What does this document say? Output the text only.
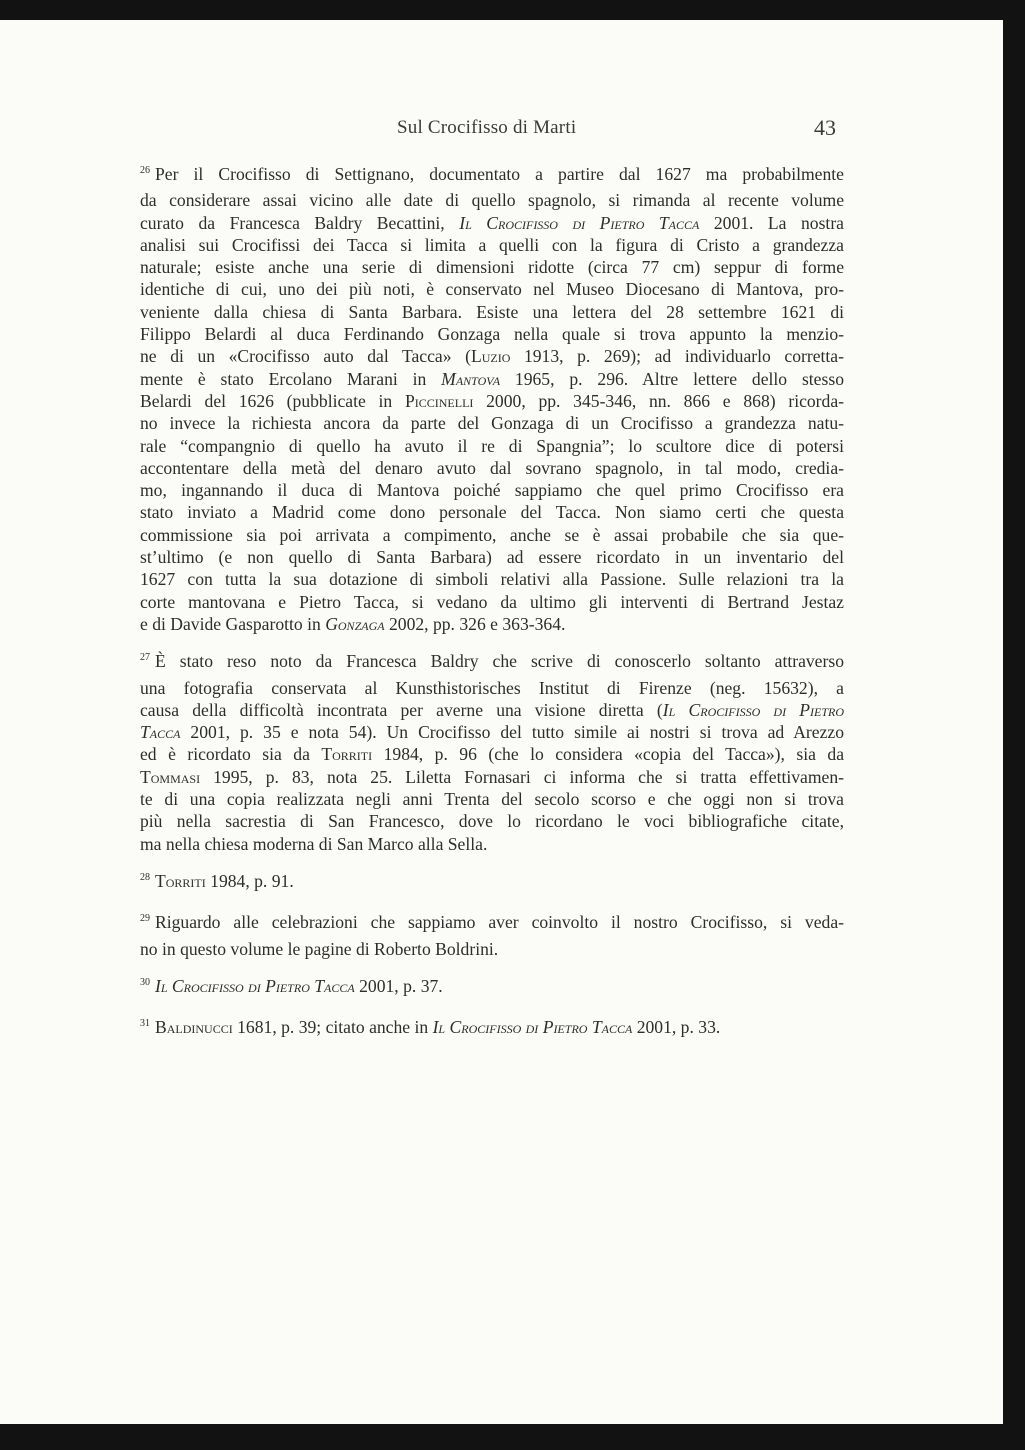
Sul Crocifisso di Marti	43
$^{26}$ Per il Crocifisso di Settignano, documentato a partire dal 1627 ma probabilmente
da considerare assai vicino alle date di quello spagnolo, si rimanda al recente volume
curato da Francesca Baldry Becattini, Il Crocifisso di Pietro Tacca 2001. La nostra
analisi sui Crocifissi dei Tacca si limita a quelli con la figura di Cristo a grandezza
naturale; esiste anche una serie di dimensioni ridotte (circa 77 cm) seppur di forme
identiche di cui, uno dei più noti, è conservato nel Museo Diocesano di Mantova, pro-
veniente dalla chiesa di Santa Barbara. Esiste una lettera del 28 settembre 1621 di
Filippo Belardi al duca Ferdinando Gonzaga nella quale si trova appunto la menzio-
ne di un «Crocifisso auto dal Tacca» (Luzio 1913, p. 269); ad individuarlo corretta-
mente è stato Ercolano Marani in Mantova 1965, p. 296. Altre lettere dello stesso
Belardi del 1626 (pubblicate in Piccinelli 2000, pp. 345-346, nn. 866 e 868) ricorda-
no invece la richiesta ancora da parte del Gonzaga di un Crocifisso a grandezza natu-
rale “compangnio di quello ha avuto il re di Spangnia”; lo scultore dice di potersi
accontentare della metà del denaro avuto dal sovrano spagnolo, in tal modo, crediа-
mo, ingannando il duca di Mantova poiché sappiamo che quel primo Crocifisso era
stato inviato a Madrid come dono personale del Tacca. Non siamo certi che questa
commissione sia poi arrivata a compimento, anche se è assai probabile che sia que-
st’ultimo (e non quello di Santa Barbara) ad essere ricordato in un inventario del
1627 con tutta la sua dotazione di simboli relativi alla Passione. Sulle relazioni tra la
corte mantovana e Pietro Tacca, si vedano da ultimo gli interventi di Bertrand Jestaz
e di Davide Gasparotto in Gonzaga 2002, pp. 326 e 363-364.
$^{27}$ È stato reso noto da Francesca Baldry che scrive di conoscerlo soltanto attraverso
una fotografia conservata al Kunsthistorisches Institut di Firenze (neg. 15632), a
causa della difficoltà incontrata per averne una visione diretta (Il Crocifisso di Pietro
Tacca 2001, p. 35 e nota 54). Un Crocifisso del tutto simile ai nostri si trova ad Arezzo
ed è ricordato sia da Torriti 1984, p. 96 (che lo considera «copia del Tacca»), sia da
Tommasi 1995, p. 83, nota 25. Liletta Fornasari ci informa che si tratta effettivamen-
te di una copia realizzata negli anni Trenta del secolo scorso e che oggi non si trova
più nella sacrestia di San Francesco, dove lo ricordano le voci bibliografiche citate,
ma nella chiesa moderna di San Marco alla Sella.
$^{28}$ Torriti 1984, p. 91.
$^{29}$ Riguardo alle celebrazioni che sappiamo aver coinvolto il nostro Crocifisso, si veda-
no in questo volume le pagine di Roberto Boldrini.
$^{30}$ Il Crocifisso di Pietro Tacca 2001, p. 37.
$^{31}$ Baldinucci 1681, p. 39; citato anche in Il Crocifisso di Pietro Tacca 2001, p. 33.
